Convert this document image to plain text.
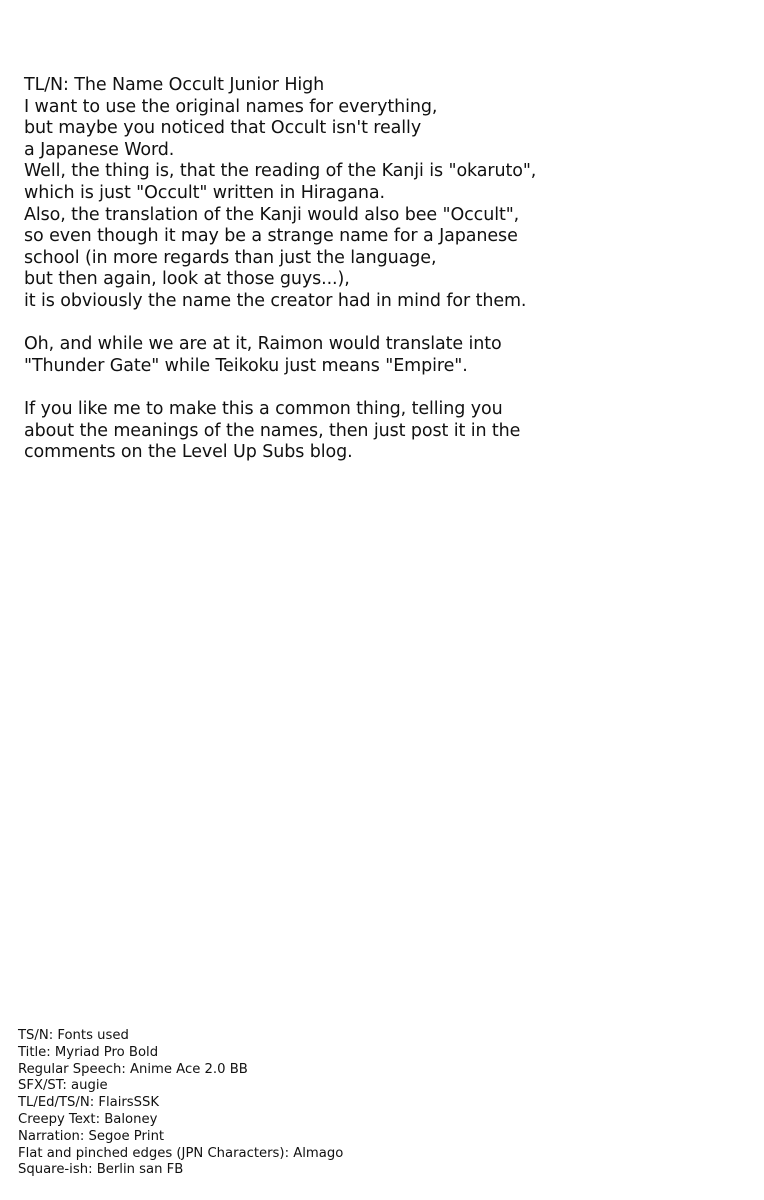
TL/N: The Name Occult Junior High
I want to use the original names for everything,
but maybe you noticed that Occult isn't really
a Japanese Word.
Well, the thing is, that the reading of the Kanji is "okaruto",
which is just "Occult" written in Hiragana.
Also, the translation of the Kanji would also bee "Occult",
so even though it may be a strange name for a Japanese
school (in more regards than just the language,
but then again, look at those guys...),
it is obviously the name the creator had in mind for them.
Oh, and while we are at it, Raimon would translate into
"Thunder Gate" while Teikoku just means "Empire".
If you like me to make this a common thing, telling you
about the meanings of the names, then just post it in the
comments on the Level Up Subs blog.
TS/N: Fonts used
Title: Myriad Pro Bold
Regular Speech: Anime Ace 2.0 BB
SFX/ST: augie
TL/Ed/TS/N: FlairsSSK
Creepy Text: Baloney
Narration: Segoe Print
Flat and pinched edges (JPN Characters): Almago
Square-ish: Berlin san FB
